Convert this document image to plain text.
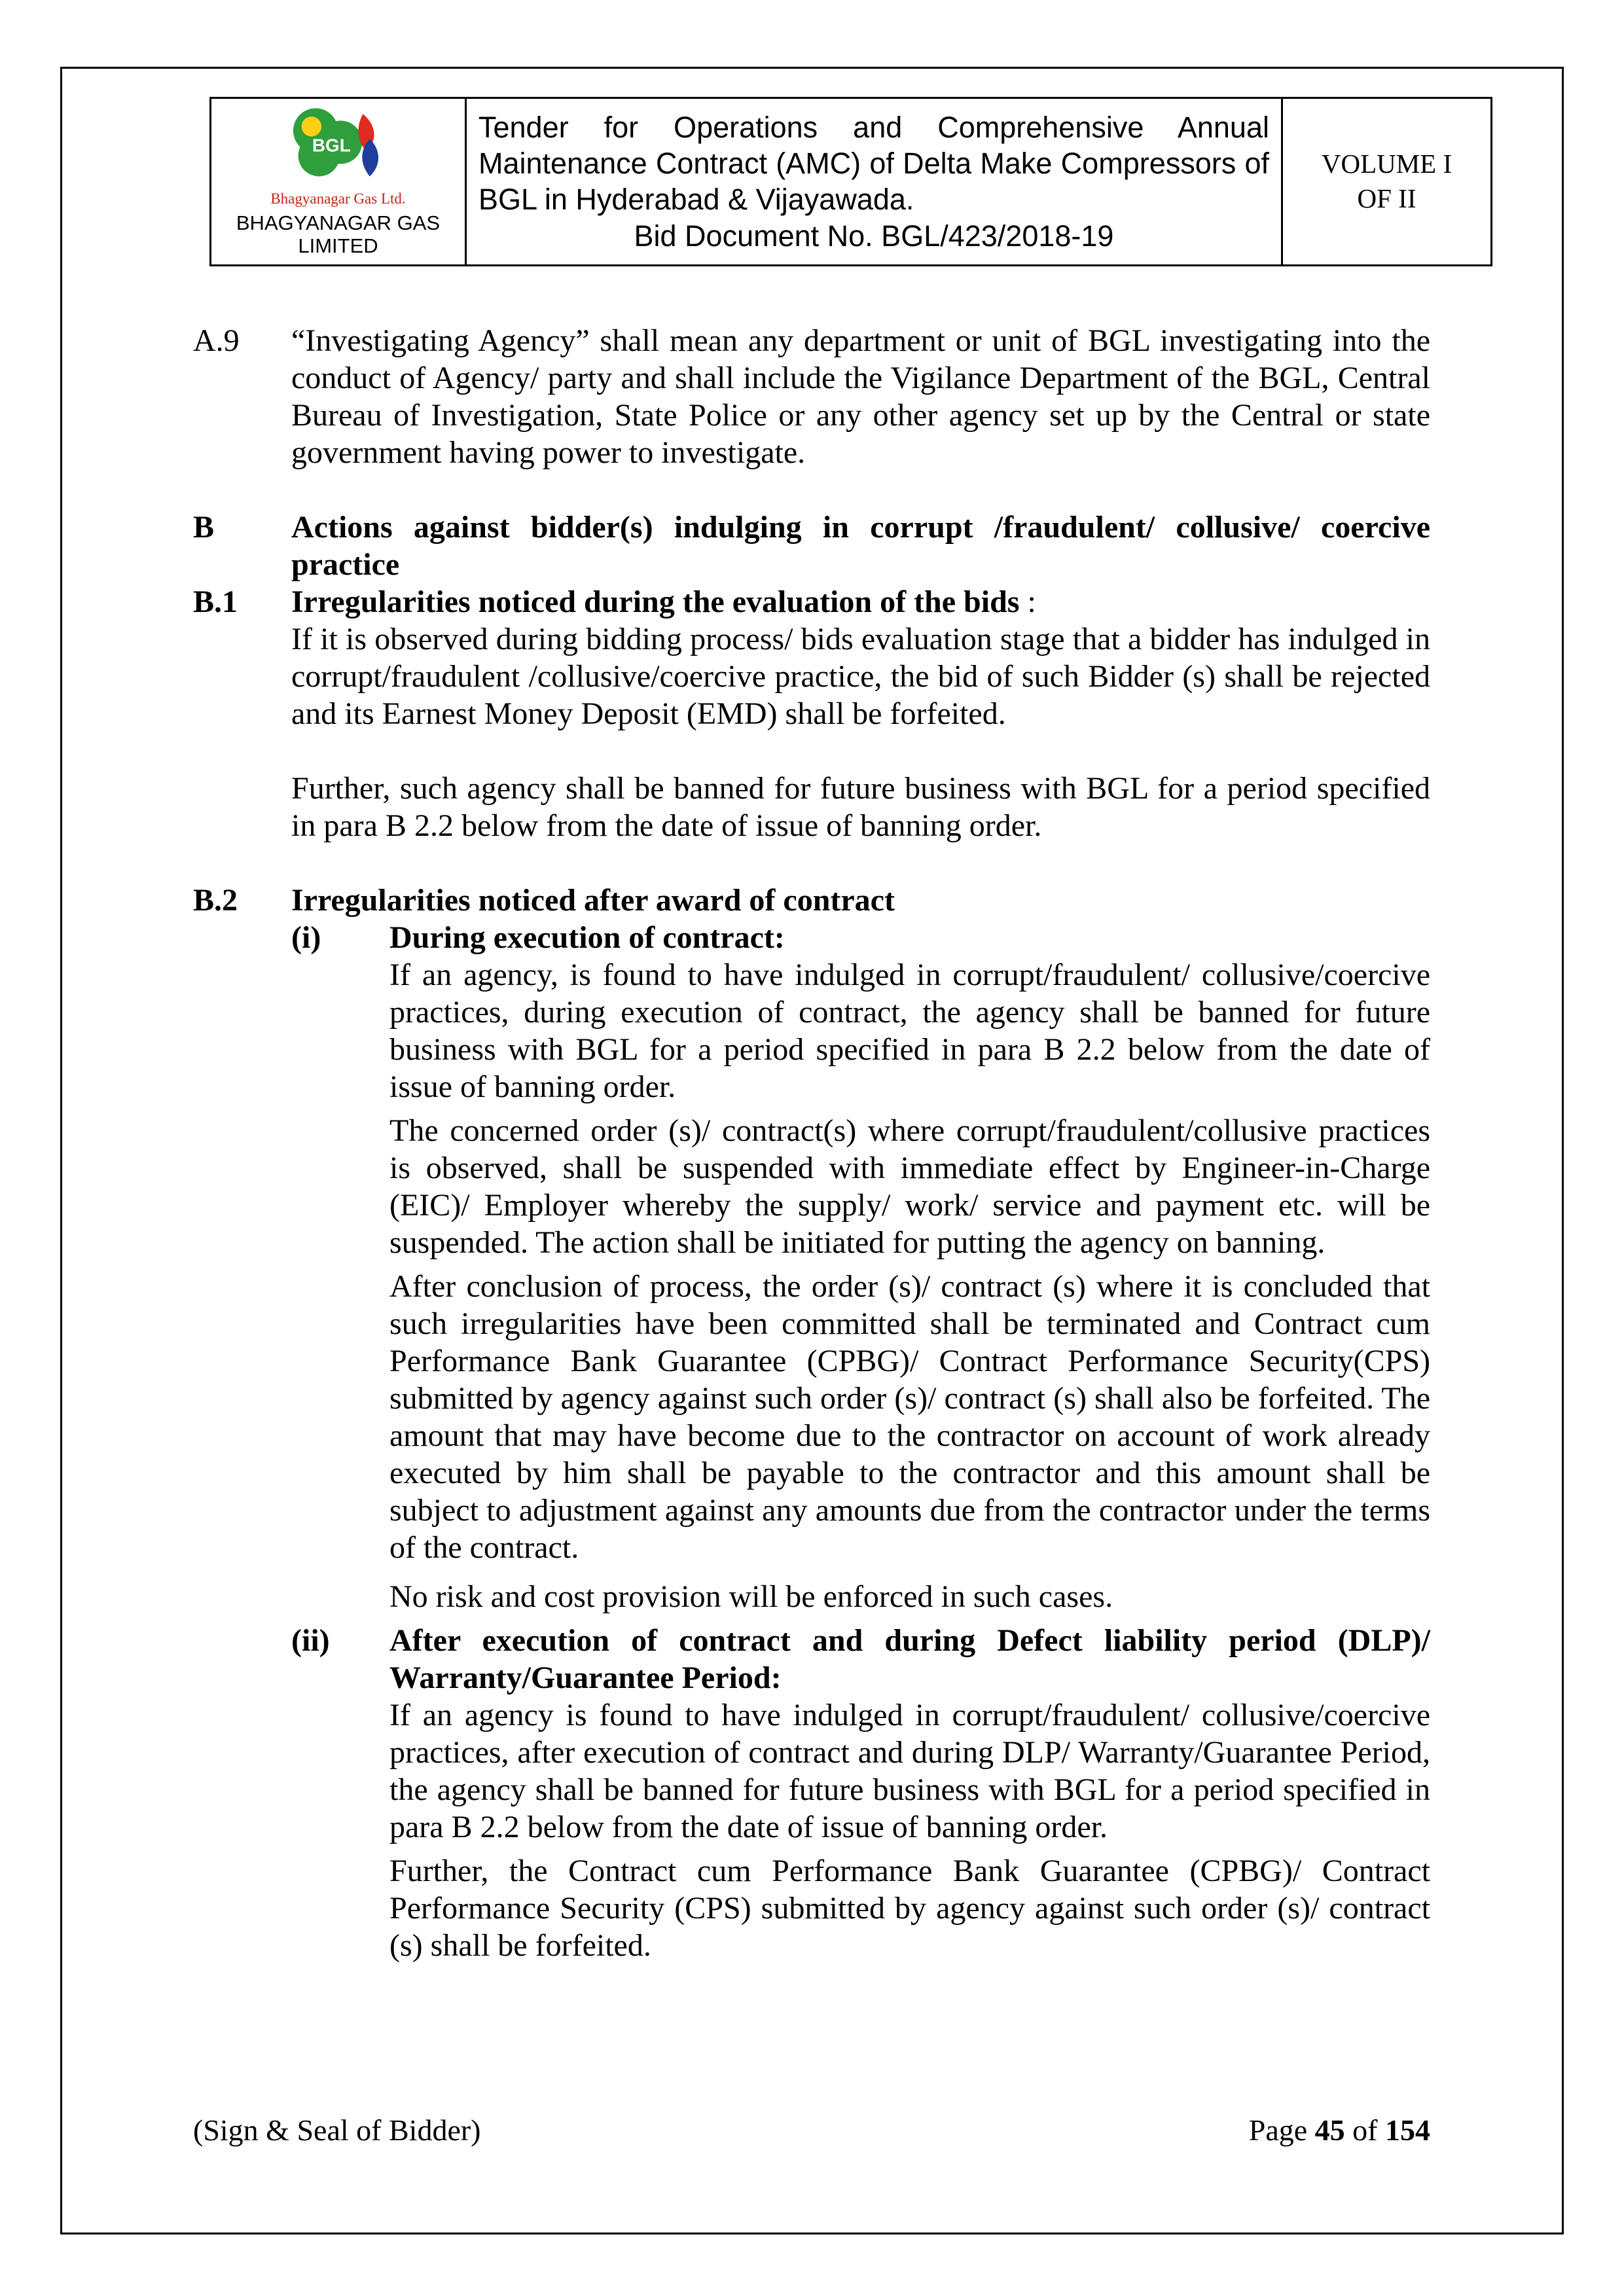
BGL
Bhagyanagar Gas Ltd.
BHAGYANAGAR GAS
LIMITED

Tender for Operations and Comprehensive Annual Maintenance Contract (AMC) of Delta Make Compressors of BGL in Hyderabad & Vijayawada.
Bid Document No. BGL/423/2018-19

VOLUME I
OF II
A.9	“Investigating Agency” shall mean any department or unit of BGL investigating into the conduct of Agency/ party and shall include the Vigilance Department of the BGL, Central Bureau of Investigation, State Police or any other agency set up by the Central or state government having power to investigate.
B	Actions against bidder(s) indulging in corrupt /fraudulent/ collusive/ coercive practice
B.1	Irregularities noticed during the evaluation of the bids :
If it is observed during bidding process/ bids evaluation stage that a bidder has indulged in corrupt/fraudulent /collusive/coercive practice, the bid of such Bidder (s) shall be rejected and its Earnest Money Deposit (EMD) shall be forfeited.
Further, such agency shall be banned for future business with BGL for a period specified in para B 2.2 below from the date of issue of banning order.
B.2	Irregularities noticed after award of contract
(i)	During execution of contract:
If an agency, is found to have indulged in corrupt/fraudulent/ collusive/coercive practices, during execution of contract, the agency shall be banned for future business with BGL for a period specified in para B 2.2 below from the date of issue of banning order.
The concerned order (s)/ contract(s) where corrupt/fraudulent/collusive practices is observed, shall be suspended with immediate effect by Engineer-in-Charge (EIC)/ Employer whereby the supply/ work/ service and payment etc. will be suspended. The action shall be initiated for putting the agency on banning.
After conclusion of process, the order (s)/ contract (s) where it is concluded that such irregularities have been committed shall be terminated and Contract cum Performance Bank Guarantee (CPBG)/ Contract Performance Security(CPS) submitted by agency against such order (s)/ contract (s) shall also be forfeited. The amount that may have become due to the contractor on account of work already executed by him shall be payable to the contractor and this amount shall be subject to adjustment against any amounts due from the contractor under the terms of the contract.
No risk and cost provision will be enforced in such cases.
(ii)	After execution of contract and during Defect liability period (DLP)/ Warranty/Guarantee Period:
If an agency is found to have indulged in corrupt/fraudulent/ collusive/coercive practices, after execution of contract and during DLP/ Warranty/Guarantee Period, the agency shall be banned for future business with BGL for a period specified in para B 2.2 below from the date of issue of banning order.
Further, the Contract cum Performance Bank Guarantee (CPBG)/ Contract Performance Security (CPS) submitted by agency against such order (s)/ contract (s) shall be forfeited.
(Sign & Seal of Bidder)	Page 45 of 154
